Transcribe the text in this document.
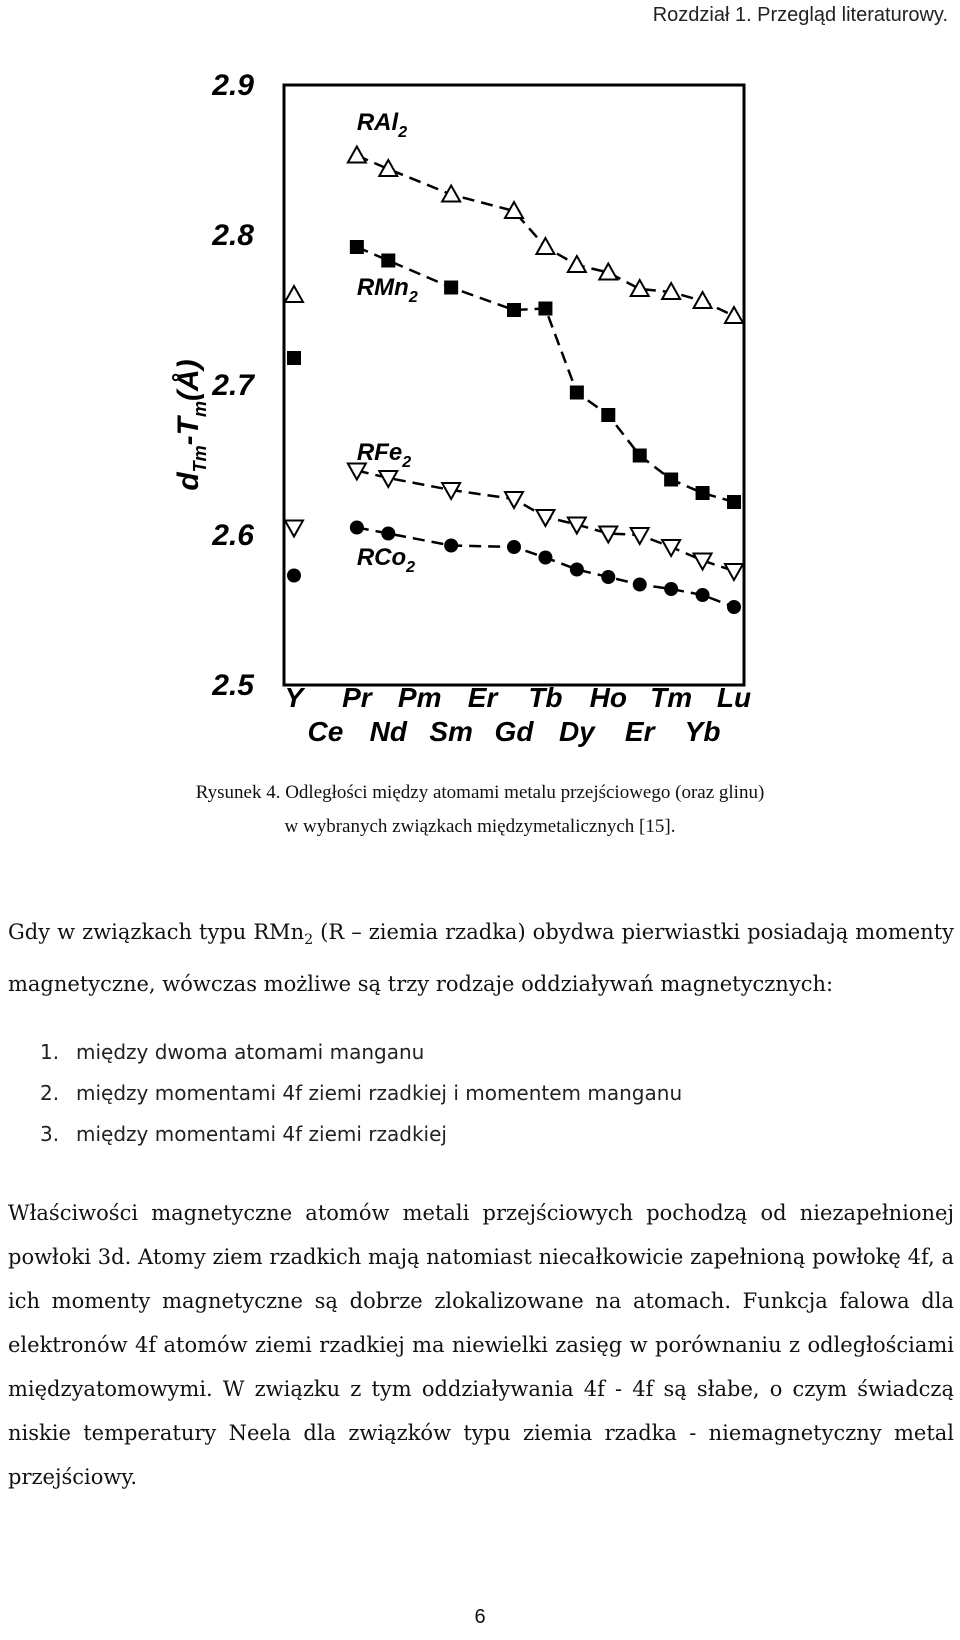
Rozdział 1. Przegląd literaturowy.
2.5
2.6
2.7
2.8
2.9
RAl$_2$
RMn$_2$
RFe$_2$
RCo$_2$
$d_{Tm}-T_m(Å)$
Y Pr Pm Er Tb Ho Tm Lu
Ce Nd Sm Gd Dy Er Yb
Rysunek 4. Odległości między atomami metalu przejściowego (oraz glinu)
w wybranych związkach międzymetalicznych [15].

Gdy w związkach typu RMn$_2$ (R – ziemia rzadka) obydwa pierwiastki posiadają momenty magnetyczne, wówczas możliwe są trzy rodzaje oddziaływań magnetycznych:

1. między dwoma atomami manganu
2. między momentami 4f ziemi rzadkiej i momentem manganu
3. między momentami 4f ziemi rzadkiej

Właściwości magnetyczne atomów metali przejściowych pochodzą od niezapełnionej powłoki 3d. Atomy ziem rzadkich mają natomiast niecałkowicie zapełnioną powłokę 4f, a ich momenty magnetyczne są dobrze zlokalizowane na atomach. Funkcja falowa dla elektronów 4f atomów ziemi rzadkiej ma niewielki zasięg w porównaniu z odległościami międzyatomowymi. W związku z tym oddziaływania 4f - 4f są słabe, o czym świadczą niskie temperatury Neela dla związków typu ziemia rzadka - niemagnetyczny metal przejściowy.

6
